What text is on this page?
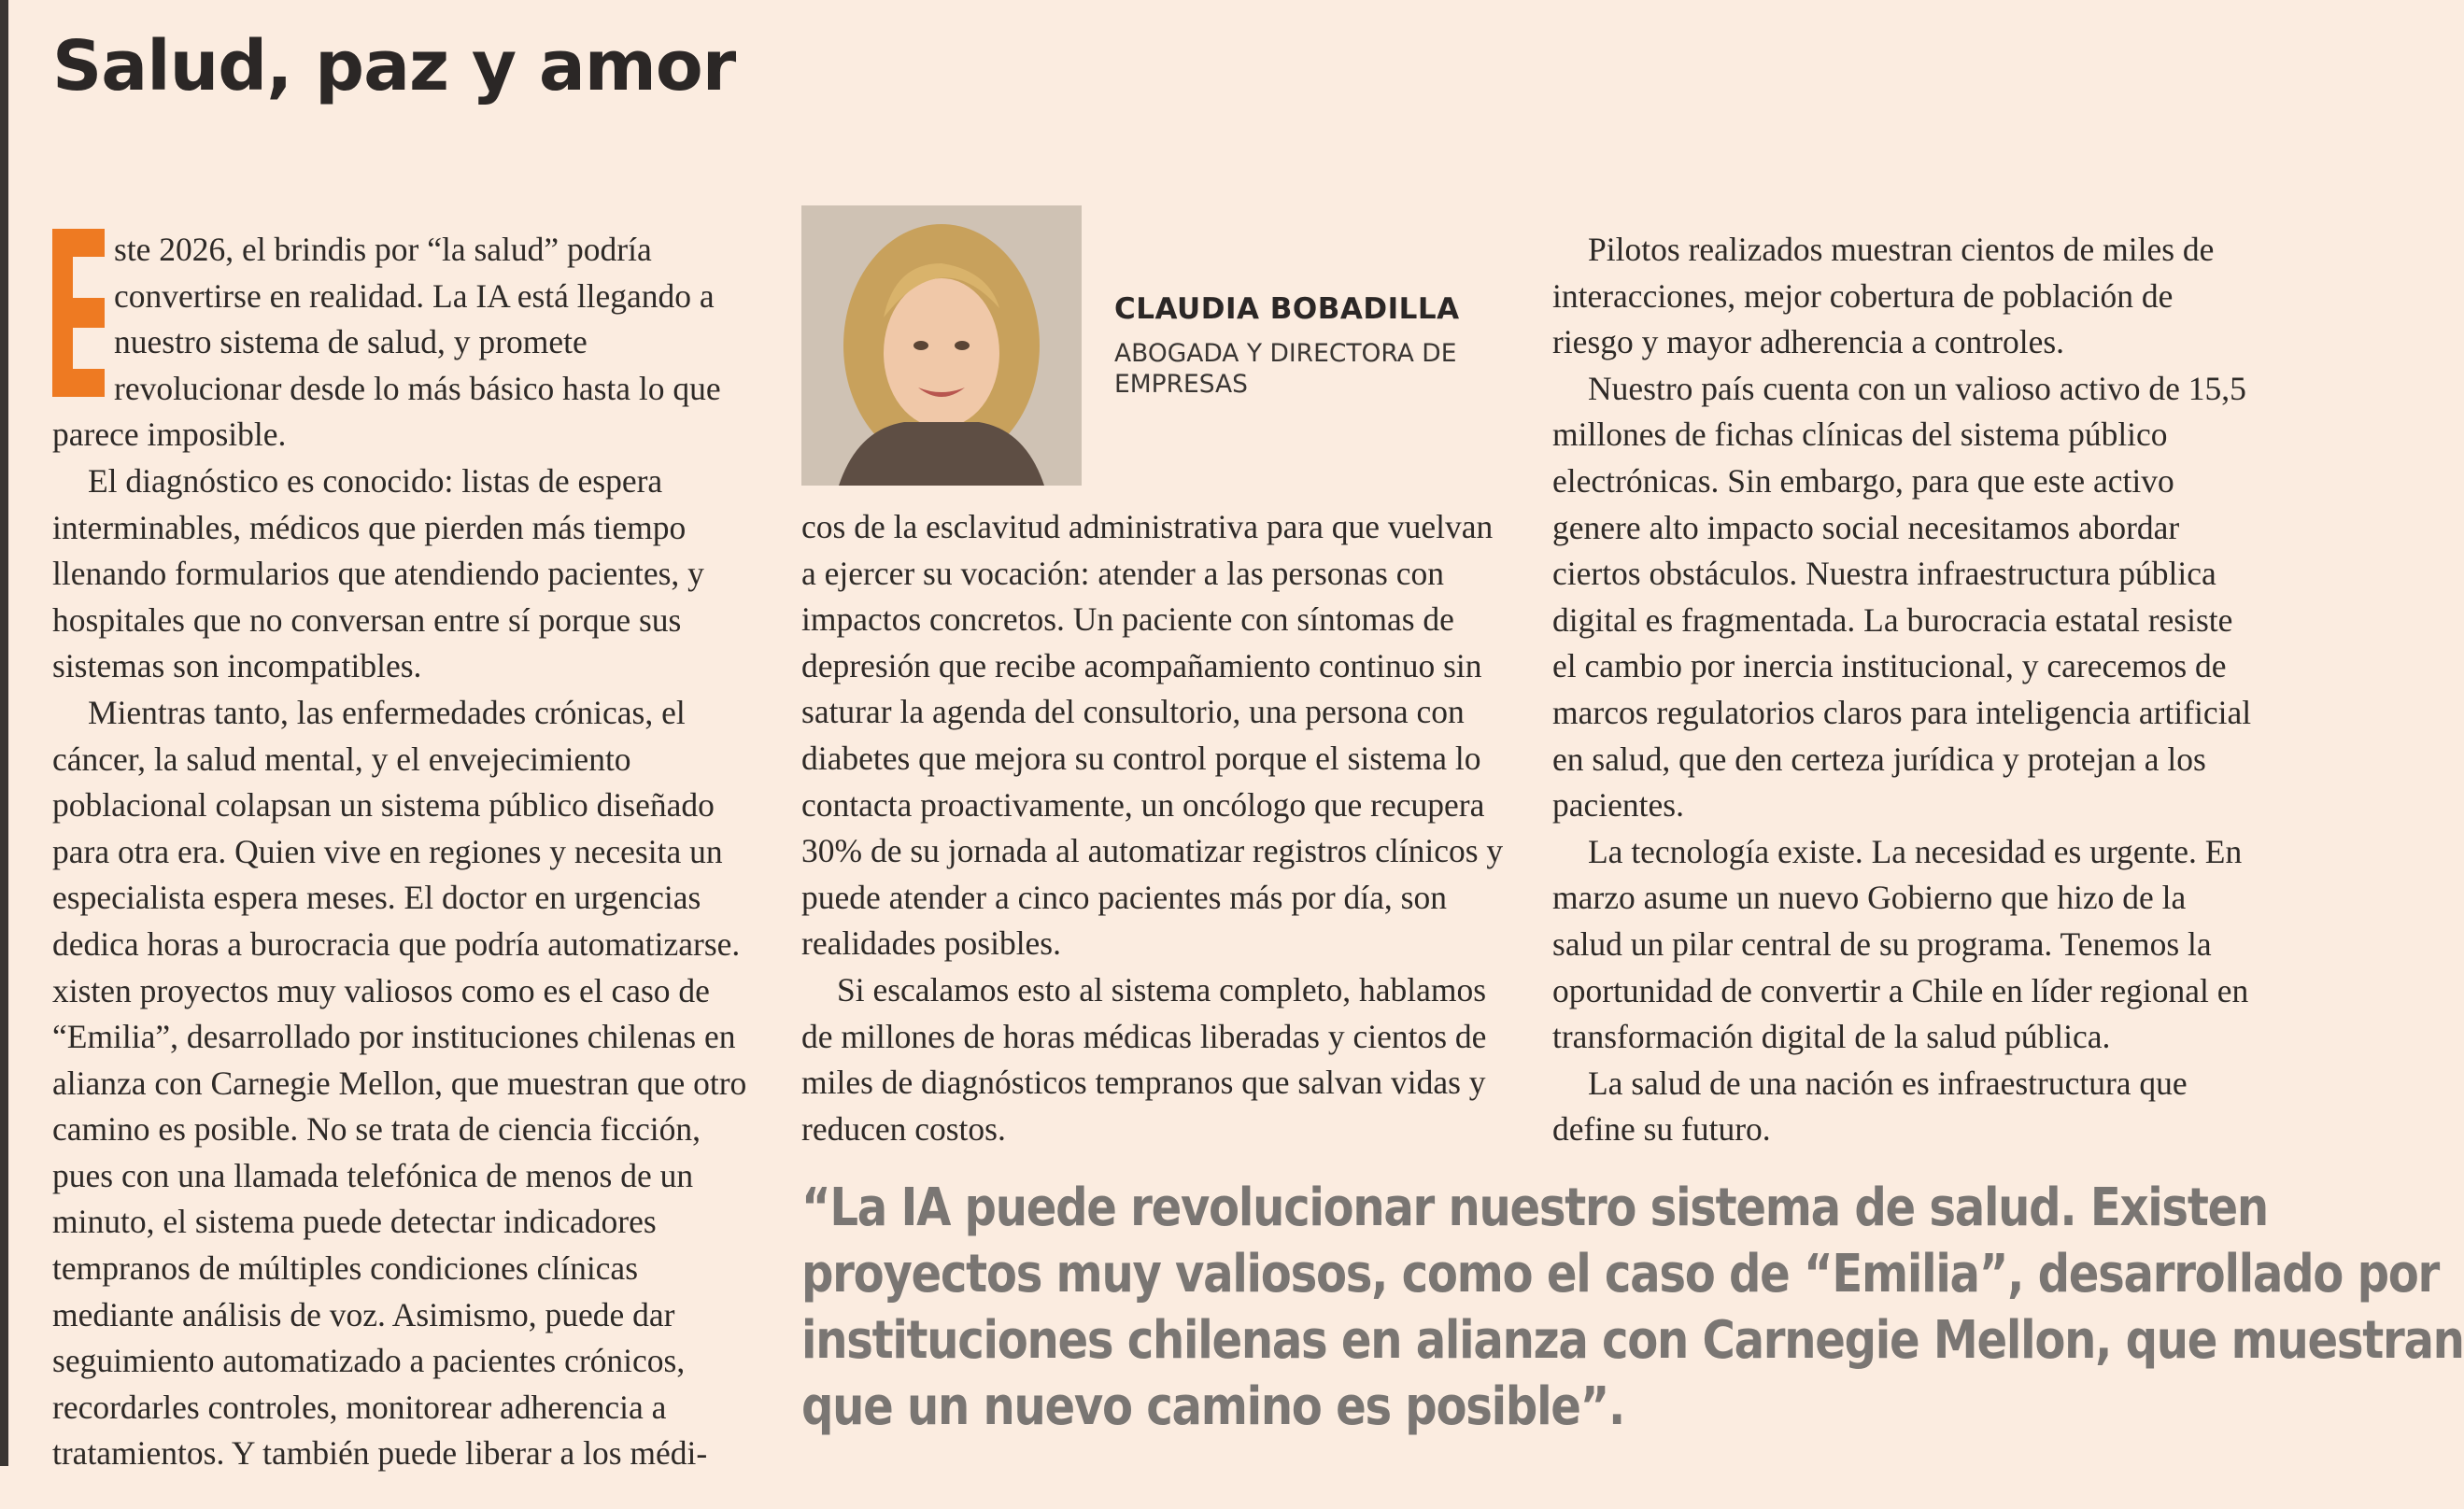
Salud, paz y amor

ste 2026, el brindis por “la salud” podría convertirse en realidad. La IA está llegando a nuestro sistema de salud, y promete revolucionar desde lo más básico hasta lo que parece imposible.

El diagnóstico es conocido: listas de espera interminables, médicos que pierden más tiempo llenando formularios que atendiendo pacientes, y hospitales que no conversan entre sí porque sus sistemas son incompatibles.

Mientras tanto, las enfermedades crónicas, el cáncer, la salud mental, y el envejecimiento poblacional colapsan un sistema público diseñado para otra era. Quien vive en regiones y necesita un especialista espera meses. El doctor en urgencias dedica horas a burocracia que podría automatizarse. xisten proyectos muy valiosos como es el caso de “Emilia”, desarrollado por instituciones chilenas en alianza con Carnegie Mellon, que muestran que otro camino es posible. No se trata de ciencia ficción, pues con una llamada telefónica de menos de un minuto, el sistema puede detectar indicadores tempranos de múltiples condiciones clínicas mediante análisis de voz. Asimismo, puede dar seguimiento automatizado a pacientes crónicos, recordarles controles, monitorear adherencia a tratamientos. Y también puede liberar a los médi-

CLAUDIA BOBADILLA
ABOGADA Y DIRECTORA DE EMPRESAS

cos de la esclavitud administrativa para que vuelvan a ejercer su vocación: atender a las personas con impactos concretos. Un paciente con síntomas de depresión que recibe acompañamiento continuo sin saturar la agenda del consultorio, una persona con diabetes que mejora su control porque el sistema lo contacta proactivamente, un oncólogo que recupera 30% de su jornada al automatizar registros clínicos y puede atender a cinco pacientes más por día, son realidades posibles.

Si escalamos esto al sistema completo, hablamos de millones de horas médicas liberadas y cientos de miles de diagnósticos tempranos que salvan vidas y reducen costos.

Pilotos realizados muestran cientos de miles de interacciones, mejor cobertura de población de riesgo y mayor adherencia a controles.

Nuestro país cuenta con un valioso activo de 15,5 millones de fichas clínicas del sistema público electrónicas. Sin embargo, para que este activo genere alto impacto social necesitamos abordar ciertos obstáculos. Nuestra infraestructura pública digital es fragmentada. La burocracia estatal resiste el cambio por inercia institucional, y carecemos de marcos regulatorios claros para inteligencia artificial en salud, que den certeza jurídica y protejan a los pacientes.

La tecnología existe. La necesidad es urgente. En marzo asume un nuevo Gobierno que hizo de la salud un pilar central de su programa. Tenemos la oportunidad de convertir a Chile en líder regional en transformación digital de la salud pública.

La salud de una nación es infraestructura que define su futuro.

“La IA puede revolucionar nuestro sistema de salud. Existen
proyectos muy valiosos, como el caso de “Emilia”, desarrollado por
instituciones chilenas en alianza con Carnegie Mellon, que muestran
que un nuevo camino es posible”.
